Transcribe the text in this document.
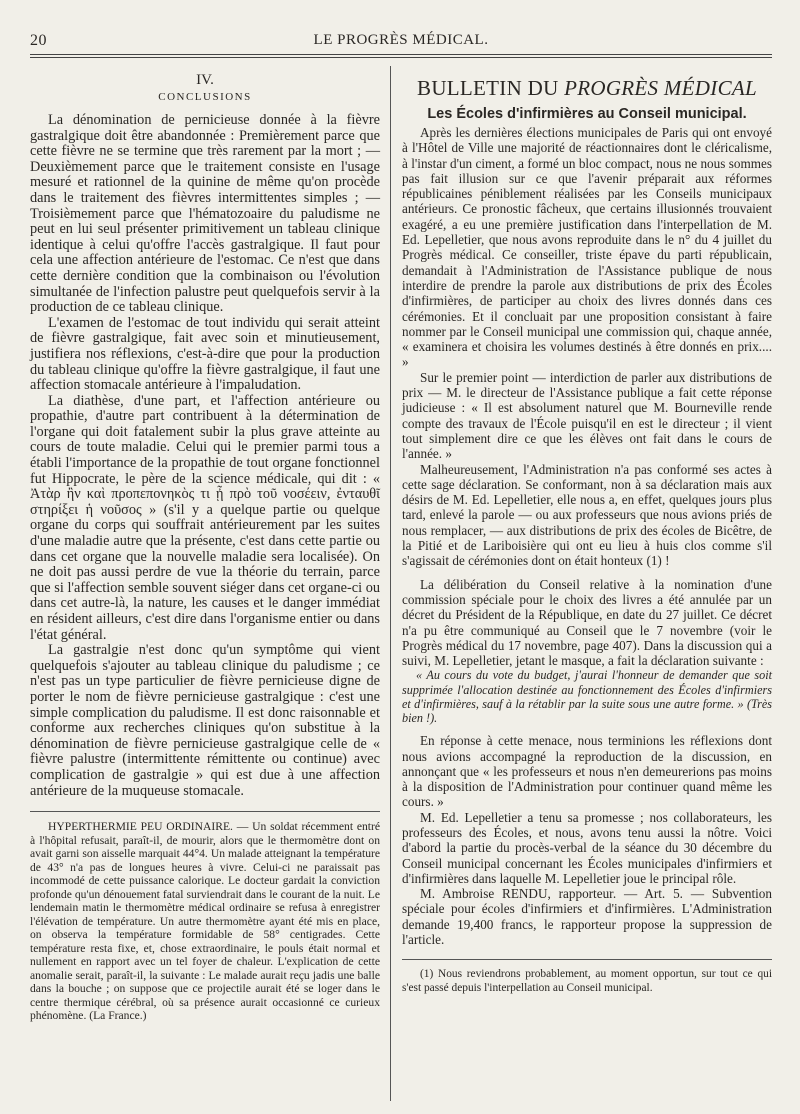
20	LE PROGRÈS MÉDICAL.
IV.
CONCLUSIONS

La dénomination de pernicieuse donnée à la fièvre gastralgique doit être abandonnée : Premièrement parce que cette fièvre ne se termine que très rarement par la mort ; — Deuxièmement parce que le traitement consiste en l'usage mesuré et rationnel de la quinine de même qu'on procède dans le traitement des fièvres intermittentes simples ; — Troisièmement parce que l'hématozoaire du paludisme ne peut en lui seul présenter primitivement un tableau clinique identique à celui qu'offre l'accès gastralgique. Il faut pour cela une affection antérieure de l'estomac. Ce n'est que dans cette dernière condition que la combinaison ou l'évolution simultanée de l'infection palustre peut quelquefois servir à la production de ce tableau clinique.

L'examen de l'estomac de tout individu qui serait atteint de fièvre gastralgique, fait avec soin et minutieusement, justifiera nos réflexions, c'est-à-dire que pour la production du tableau clinique qu'offre la fièvre gastralgique, il faut une affection stomacale antérieure à l'impaludation.

La diathèse, d'une part, et l'affection antérieure ou propathie, d'autre part contribuent à la détermination de l'organe qui doit fatalement subir la plus grave atteinte au cours de toute maladie. Celui qui le premier parmi tous a établi l'importance de la propathie de tout organe fonctionnel fut Hippocrate, le père de la science médicale, qui dit : « Ἀτὰρ ἢν καὶ προπεπονηκὸς τι ᾖ πρὸ τοῦ νοσέειν, ἐνταυθῖ στηρίξει ἡ νοῦσος » (s'il y a quelque partie ou quelque organe du corps qui souffrait antérieurement par les suites d'une maladie autre que la présente, c'est dans cette partie ou dans cet organe que la nouvelle maladie sera localisée). On ne doit pas aussi perdre de vue la théorie du terrain, parce que si l'affection semble souvent siéger dans cet organe-ci ou dans cet autre-là, la nature, les causes et le danger immédiat en résident ailleurs, c'est dire dans l'organisme entier ou dans l'état général.

La gastralgie n'est donc qu'un symptôme qui vient quelquefois s'ajouter au tableau clinique du paludisme ; ce n'est pas un type particulier de fièvre pernicieuse digne de porter le nom de fièvre pernicieuse gastralgique : c'est une simple complication du paludisme. Il est donc raisonnable et conforme aux recherches cliniques qu'on substitue à la dénomination de fièvre pernicieuse gastralgique celle de « fièvre palustre (intermittente rémittente ou continue) avec complication de gastralgie » qui est due à une affection antérieure de la muqueuse stomacale.

HYPERTHERMIE PEU ORDINAIRE. — Un soldat récemment entré à l'hôpital refusait, paraît-il, de mourir, alors que le thermomètre dont on avait garni son aisselle marquait 44°4. Un malade atteignant la température de 43° n'a pas de longues heures à vivre. Celui-ci ne paraissait pas incommodé de cette puissance calorique. Le docteur gardait la conviction profonde qu'un dénouement fatal surviendrait dans le courant de la nuit. Le lendemain matin le thermomètre médical ordinaire se refusa à enregistrer l'élévation de température. Un autre thermomètre ayant été mis en place, on observa la température formidable de 58° centigrades. Cette température resta fixe, et, chose extraordinaire, le pouls était normal et nullement en rapport avec un tel foyer de chaleur. L'explication de cette anomalie serait, paraît-il, la suivante : Le malade aurait reçu jadis une balle dans la bouche ; on suppose que ce projectile aurait été se loger dans le centre thermique cérébral, où sa présence aurait occasionné ce curieux phénomène. (La France.)

BULLETIN DU PROGRÈS MÉDICAL
Les Écoles d'infirmières au Conseil municipal.

Après les dernières élections municipales de Paris qui ont envoyé à l'Hôtel de Ville une majorité de réactionnaires dont le cléricalisme, à l'instar d'un ciment, a formé un bloc compact, nous ne nous sommes pas fait illusion sur ce que l'avenir préparait aux réformes républicaines péniblement réalisées par les Conseils municipaux antérieurs. Ce pronostic fâcheux, que certains illusionnés trouvaient exagéré, a eu une première justification dans l'interpellation de M. Ed. Lepelletier, que nous avons reproduite dans le n° du 4 juillet du Progrès médical. Ce conseiller, triste épave du parti républicain, demandait à l'Administration de l'Assistance publique de nous interdire de prendre la parole aux distributions de prix des Écoles d'infirmières, de participer au choix des livres donnés dans ces cérémonies. Et il concluait par une proposition consistant à faire nommer par le Conseil municipal une commission qui, chaque année, « examinera et choisira les volumes destinés à être donnés en prix.... »

Sur le premier point — interdiction de parler aux distributions de prix — M. le directeur de l'Assistance publique a fait cette réponse judicieuse : « Il est absolument naturel que M. Bourneville rende compte des travaux de l'École puisqu'il en est le directeur ; il vient tout simplement dire ce que les élèves ont fait dans le cours de l'année. »

Malheureusement, l'Administration n'a pas conformé ses actes à cette sage déclaration. Se conformant, non à sa déclaration mais aux désirs de M. Ed. Lepelletier, elle nous a, en effet, quelques jours plus tard, enlevé la parole — ou aux professeurs que nous avions priés de nous remplacer, — aux distributions de prix des écoles de Bicêtre, de la Pitié et de Lariboisière qui ont eu lieu à huis clos comme s'il s'agissait de cérémonies dont on était honteux (1) !

La délibération du Conseil relative à la nomination d'une commission spéciale pour le choix des livres a été annulée par un décret du Président de la République, en date du 27 juillet. Ce décret n'a pu être communiqué au Conseil que le 7 novembre (voir le Progrès médical du 17 novembre, page 407). Dans la discussion qui a suivi, M. Lepelletier, jetant le masque, a fait la déclaration suivante :

« Au cours du vote du budget, j'aurai l'honneur de demander que soit supprimée l'allocation destinée au fonctionnement des Écoles d'infirmiers et d'infirmières, sauf à la rétablir par la suite sous une autre forme. » (Très bien !).

En réponse à cette menace, nous terminions les réflexions dont nous avions accompagné la reproduction de la discussion, en annonçant que « les professeurs et nous n'en demeurerions pas moins à la disposition de l'Administration pour continuer quand même les cours. »

M. Ed. Lepelletier a tenu sa promesse ; nos collaborateurs, les professeurs des Écoles, et nous, avons tenu aussi la nôtre. Voici d'abord la partie du procès-verbal de la séance du 30 décembre du Conseil municipal concernant les Écoles municipales d'infirmiers et d'infirmières dans laquelle M. Lepelletier joue le principal rôle.

M. Ambroise RENDU, rapporteur. — Art. 5. — Subvention spéciale pour écoles d'infirmiers et d'infirmières. L'Administration demande 19,400 francs, le rapporteur propose la suppression de l'article.

(1) Nous reviendrons probablement, au moment opportun, sur tout ce qui s'est passé depuis l'interpellation au Conseil municipal.
